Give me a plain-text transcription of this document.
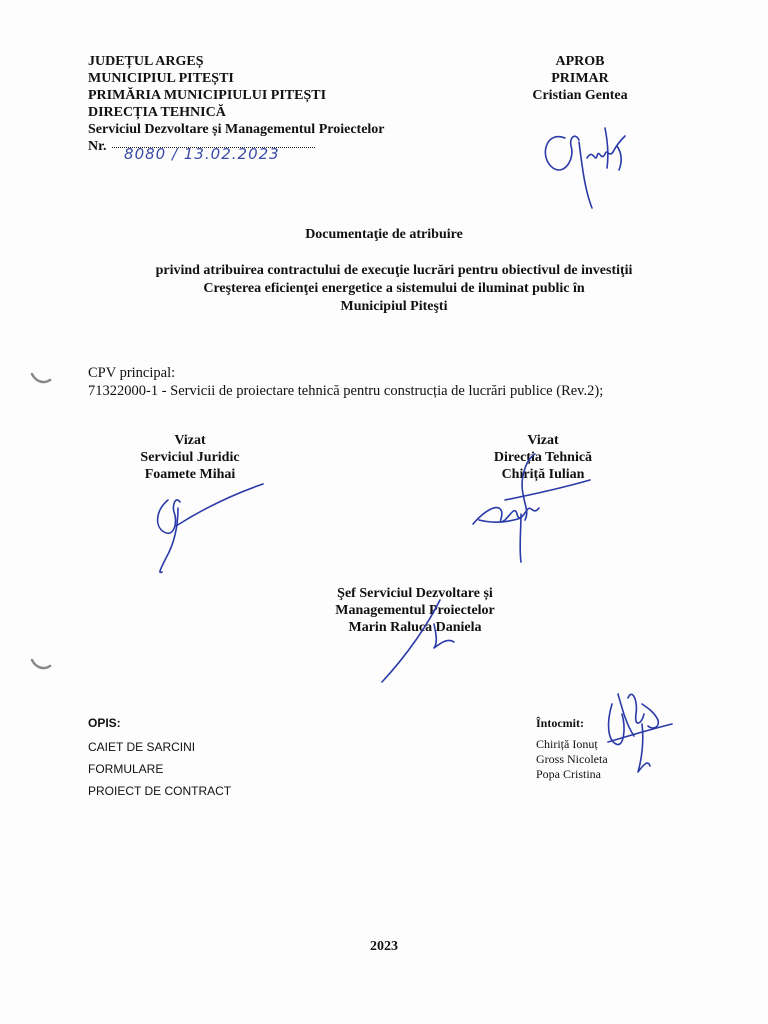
JUDEȚUL ARGEȘ
MUNICIPIUL PITEȘTI
PRIMĂRIA MUNICIPIULUI PITEȘTI
DIRECȚIA TEHNICĂ
Serviciul Dezvoltare și Managementul Proiectelor
Nr. 8080 / 13.02.2023
APROB
PRIMAR
Cristian Gentea
Documentaţie de atribuire
privind atribuirea contractului de execuţie lucrări pentru obiectivul de investiţii
Creşterea eficienţei energetice a sistemului de iluminat public în
Municipiul Piteşti
CPV principal:
71322000-1 - Servicii de proiectare tehnică pentru construcția de lucrări publice (Rev.2);
Vizat
Serviciul Juridic
Foamete Mihai
Vizat
Direcția Tehnică
Chiriță Iulian
Şef Serviciul Dezvoltare și
Managementul Proiectelor
Marin Raluca Daniela
OPIS:
CAIET DE SARCINI
FORMULARE
PROIECT DE CONTRACT
Întocmit:
Chiriță Ionuț
Gross Nicoleta
Popa Cristina
2023
